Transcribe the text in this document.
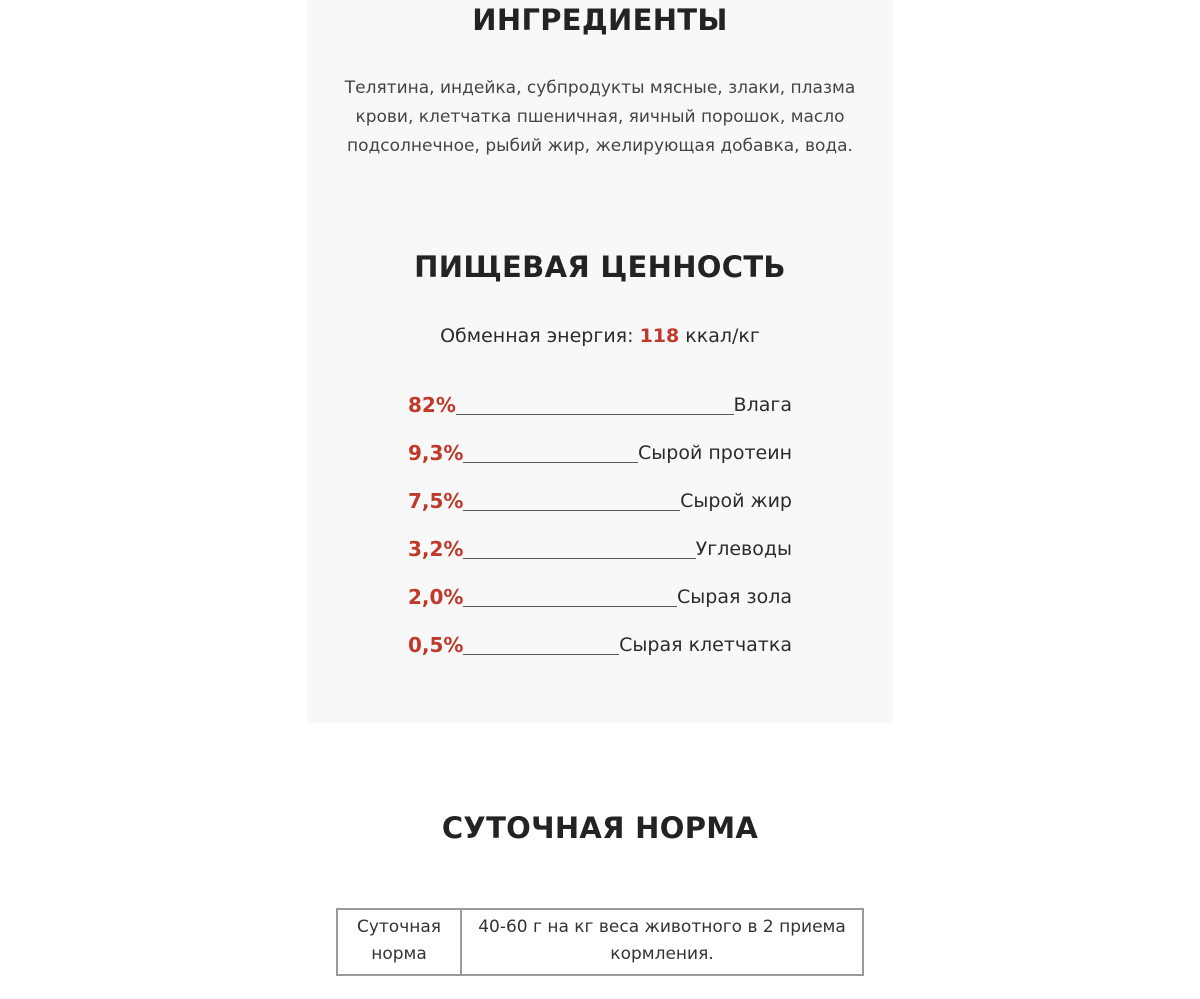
ИНГРЕДИЕНТЫ

Телятина, индейка, субпродукты мясные, злаки, плазма крови, клетчатка пшеничная, яичный порошок, масло подсолнечное, рыбий жир, желирующая добавка, вода.

ПИЩЕВАЯ ЦЕННОСТЬ
Обменная энергия: 118 ккал/кг
82%	Влага
9,3%	Сырой протеин
7,5%	Сырой жир
3,2%	Углеводы
2,0%	Сырая зола
0,5%	Сырая клетчатка
СУТОЧНАЯ НОРМА
Суточная норма	40-60 г на кг веса животного в 2 приема кормления.
